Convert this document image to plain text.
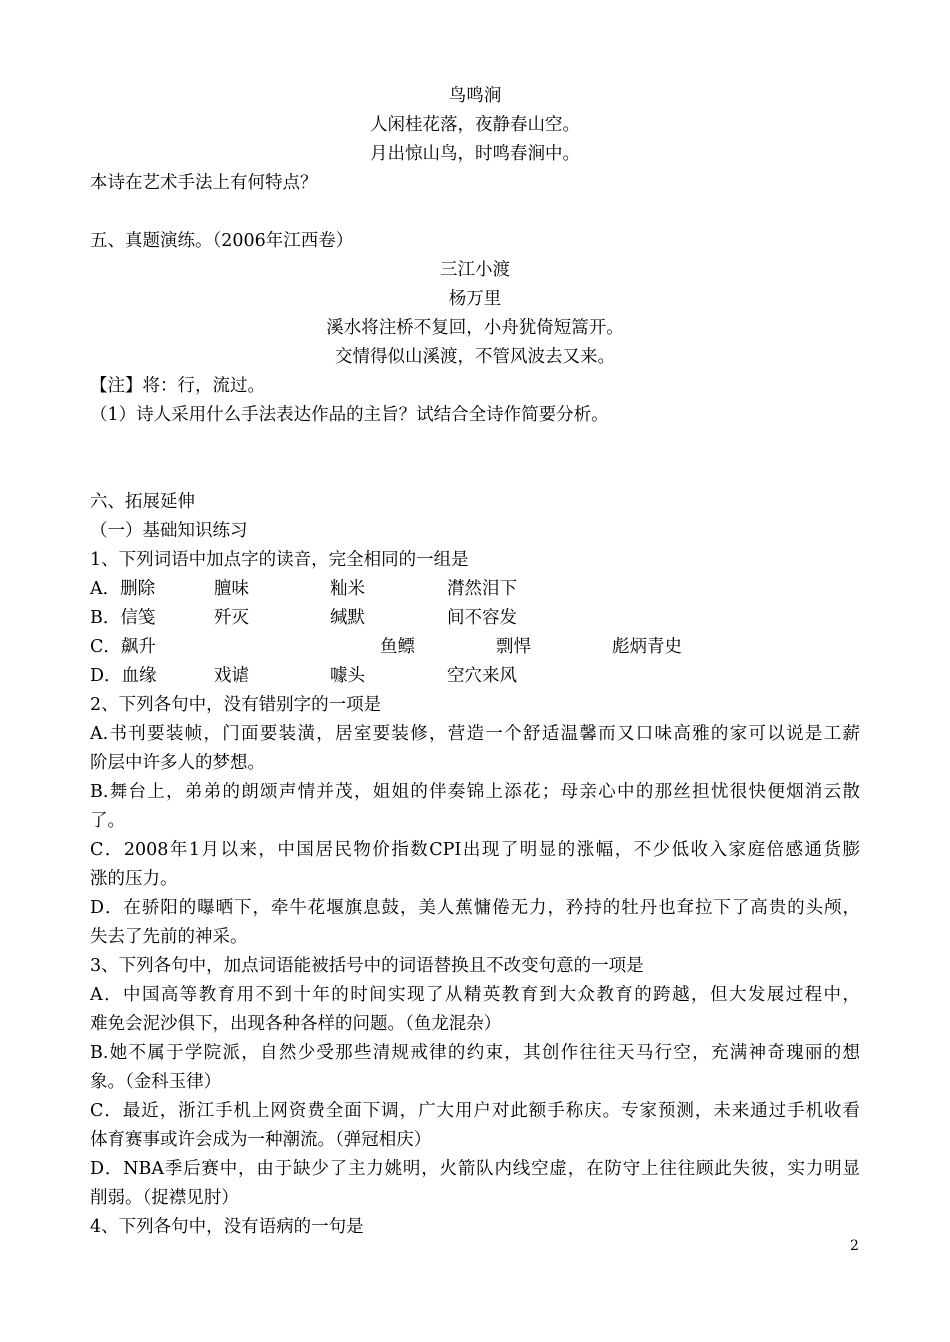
鸟鸣涧
人闲桂花落，夜静春山空。
月出惊山鸟，时鸣春涧中。
本诗在艺术手法上有何特点？
五、真题演练。（2006年江西卷）
三江小渡
杨万里
溪水将注桥不复回，小舟犹倚短篙开。
交情得似山溪渡，不管风波去又来。
【注】将：行，流过。
（1）诗人采用什么手法表达作品的主旨？试结合全诗作简要分析。
六、拓展延伸
（一）基础知识练习
1、下列词语中加点字的读音，完全相同的一组是
A．删除	膻味	籼米	潸然泪下
B．信笺	歼灭	缄默	间不容发
C．飙升	鱼鳔	剽悍	彪炳青史
D．血缘	戏谑	噱头	空穴来风
2、下列各句中，没有错别字的一项是
A.书刊要装帧，门面要装潢，居室要装修，营造一个舒适温馨而又口味高雅的家可以说是工薪
阶层中许多人的梦想。
B.舞台上，弟弟的朗颂声情并茂，姐姐的伴奏锦上添花；母亲心中的那丝担忧很快便烟消云散
了。
C．2008年1月以来，中国居民物价指数CPI出现了明显的涨幅，不少低收入家庭倍感通货膨
涨的压力。
D．在骄阳的曝晒下，牵牛花堰旗息鼓，美人蕉慵倦无力，矜持的牡丹也耷拉下了高贵的头颅，
失去了先前的神采。
3、下列各句中，加点词语能被括号中的词语替换且不改变句意的一项是
A．中国高等教育用不到十年的时间实现了从精英教育到大众教育的跨越，但大发展过程中，
难免会泥沙俱下，出现各种各样的问题。（鱼龙混杂）
B.她不属于学院派，自然少受那些清规戒律的约束，其创作往往天马行空，充满神奇瑰丽的想
象。（金科玉律）
C．最近，浙江手机上网资费全面下调，广大用户对此额手称庆。专家预测，未来通过手机收看
体育赛事或许会成为一种潮流。（弹冠相庆）
D．NBA季后赛中，由于缺少了主力姚明，火箭队内线空虚，在防守上往往顾此失彼，实力明显
削弱。（捉襟见肘）
4、下列各句中，没有语病的一句是
2
